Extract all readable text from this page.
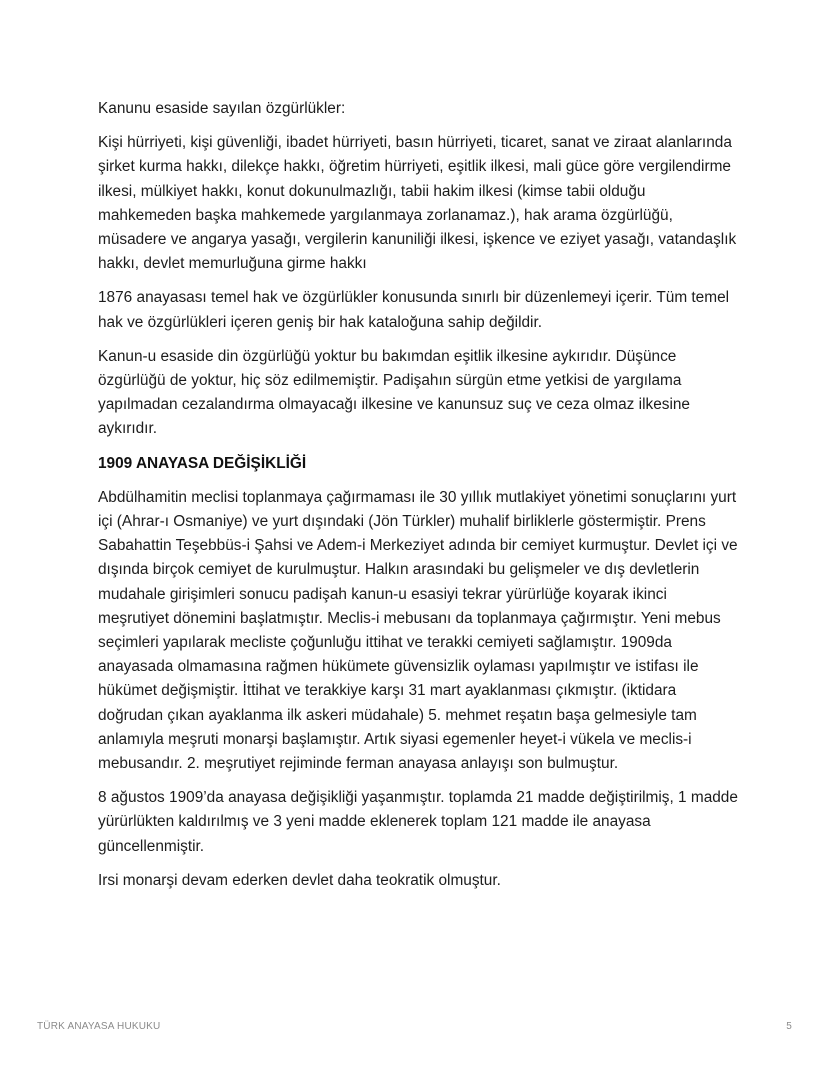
Kanunu esaside sayılan özgürlükler:

Kişi hürriyeti, kişi güvenliği, ibadet hürriyeti, basın hürriyeti, ticaret, sanat ve ziraat alanlarında şirket kurma hakkı, dilekçe hakkı, öğretim hürriyeti, eşitlik ilkesi, mali güce göre vergilendirme ilkesi, mülkiyet hakkı, konut dokunulmazlığı, tabii hakim ilkesi (kimse tabii olduğu mahkemeden başka mahkemede yargılanmaya zorlanamaz.), hak arama özgürlüğü, müsadere ve angarya yasağı, vergilerin kanuniliği ilkesi, işkence ve eziyet yasağı, vatandaşlık hakkı, devlet memurluğuna girme hakkı

1876 anayasası temel hak ve özgürlükler konusunda sınırlı bir düzenlemeyi içerir. Tüm temel hak ve özgürlükleri içeren geniş bir hak kataloğuna sahip değildir.

Kanun-u esaside din özgürlüğü yoktur bu bakımdan eşitlik ilkesine aykırıdır. Düşünce özgürlüğü de yoktur, hiç söz edilmemiştir. Padişahın sürgün etme yetkisi de yargılama yapılmadan cezalandırma olmayacağı ilkesine ve kanunsuz suç ve ceza olmaz ilkesine aykırıdır.

1909 ANAYASA DEĞİŞİKLİĞİ

Abdülhamitin meclisi toplanmaya çağırmaması ile 30 yıllık mutlakiyet yönetimi sonuçlarını yurt içi (Ahrar-ı Osmaniye) ve yurt dışındaki (Jön Türkler) muhalif birliklerle göstermiştir. Prens Sabahattin Teşebbüs-i Şahsi ve Adem-i Merkeziyet adında bir cemiyet kurmuştur. Devlet içi ve dışında birçok cemiyet de kurulmuştur. Halkın arasındaki bu gelişmeler ve dış devletlerin mudahale girişimleri sonucu padişah kanun-u esasiyi tekrar yürürlüğe koyarak ikinci meşrutiyet dönemini başlatmıştır. Meclis-i mebusanı da toplanmaya çağırmıştır. Yeni mebus seçimleri yapılarak mecliste çoğunluğu ittihat ve terakki cemiyeti sağlamıştır. 1909da anayasada olmamasına rağmen hükümete güvensizlik oylaması yapılmıştır ve istifası ile hükümet değişmiştir. İttihat ve terakkiye karşı 31 mart ayaklanması çıkmıştır. (iktidara doğrudan çıkan ayaklanma ilk askeri müdahale) 5. mehmet reşatın başa gelmesiyle tam anlamıyla meşruti monarşi başlamıştır. Artık siyasi egemenler heyet-i vükela ve meclis-i mebusandır. 2. meşrutiyet rejiminde ferman anayasa anlayışı son bulmuştur.

8 ağustos 1909’da anayasa değişikliği yaşanmıştır. toplamda 21 madde değiştirilmiş, 1 madde yürürlükten kaldırılmış ve 3 yeni madde eklenerek toplam 121 madde ile anayasa güncellenmiştir.

Irsi monarşi devam ederken devlet daha teokratik olmuştur.

TÜRK ANAYASA HUKUKU	5
